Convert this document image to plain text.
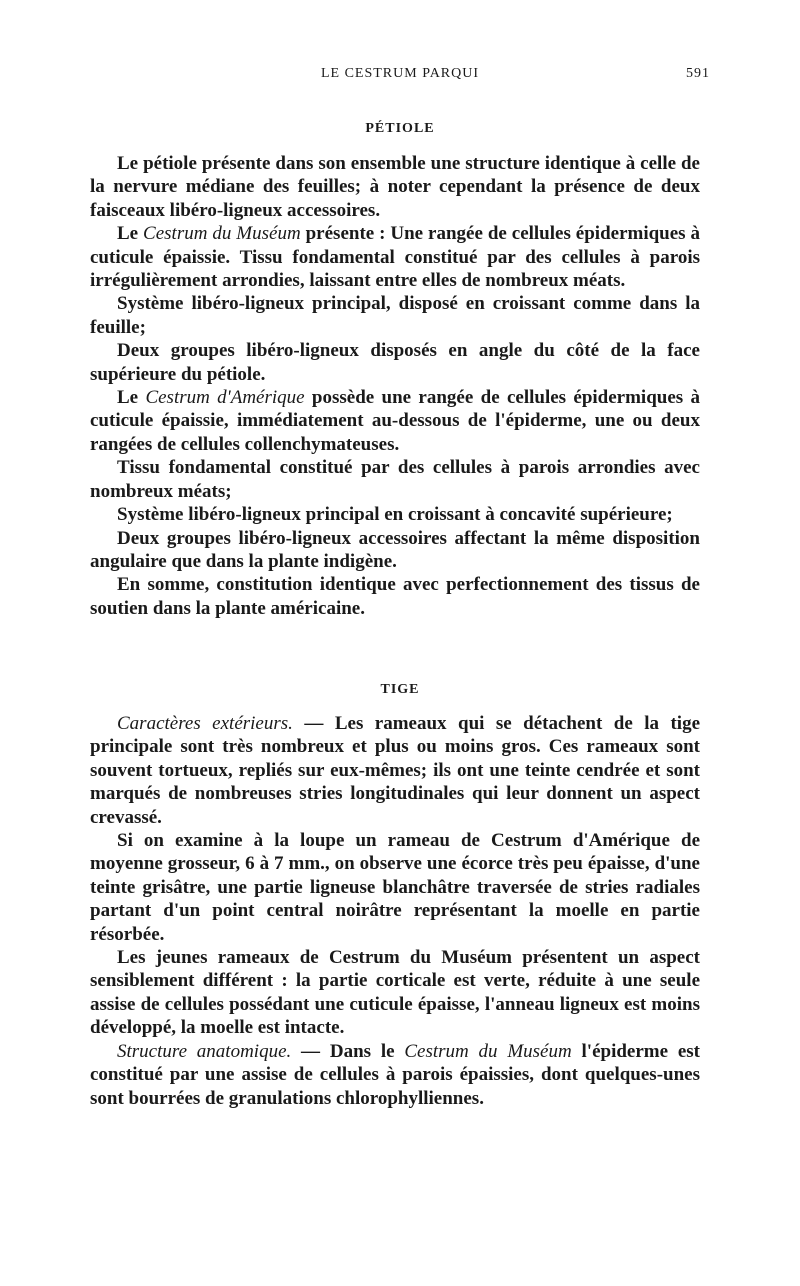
LE CESTRUM PARQUI	591
PÉTIOLE

Le pétiole présente dans son ensemble une structure identique à celle de la nervure médiane des feuilles; à noter cependant la présence de deux faisceaux libéro-ligneux accessoires.

Le Cestrum du Muséum présente : Une rangée de cellules épidermiques à cuticule épaissie. Tissu fondamental constitué par des cellules à parois irrégulièrement arrondies, laissant entre elles de nombreux méats.

Système libéro-ligneux principal, disposé en croissant comme dans la feuille;

Deux groupes libéro-ligneux disposés en angle du côté de la face supérieure du pétiole.

Le Cestrum d'Amérique possède une rangée de cellules épidermiques à cuticule épaissie, immédiatement au-dessous de l'épiderme, une ou deux rangées de cellules collenchymateuses.

Tissu fondamental constitué par des cellules à parois arrondies avec nombreux méats;

Système libéro-ligneux principal en croissant à concavité supérieure;

Deux groupes libéro-ligneux accessoires affectant la même disposition angulaire que dans la plante indigène.

En somme, constitution identique avec perfectionnement des tissus de soutien dans la plante américaine.

TIGE

Caractères extérieurs. — Les rameaux qui se détachent de la tige principale sont très nombreux et plus ou moins gros. Ces rameaux sont souvent tortueux, repliés sur eux-mêmes; ils ont une teinte cendrée et sont marqués de nombreuses stries longitudinales qui leur donnent un aspect crevassé.

Si on examine à la loupe un rameau de Cestrum d'Amérique de moyenne grosseur, 6 à 7 mm., on observe une écorce très peu épaisse, d'une teinte grisâtre, une partie ligneuse blanchâtre traversée de stries radiales partant d'un point central noirâtre représentant la moelle en partie résorbée.

Les jeunes rameaux de Cestrum du Muséum présentent un aspect sensiblement différent : la partie corticale est verte, réduite à une seule assise de cellules possédant une cuticule épaisse, l'anneau ligneux est moins développé, la moelle est intacte.

Structure anatomique. — Dans le Cestrum du Muséum l'épiderme est constitué par une assise de cellules à parois épaissies, dont quelques-unes sont bourrées de granulations chlorophylliennes.
